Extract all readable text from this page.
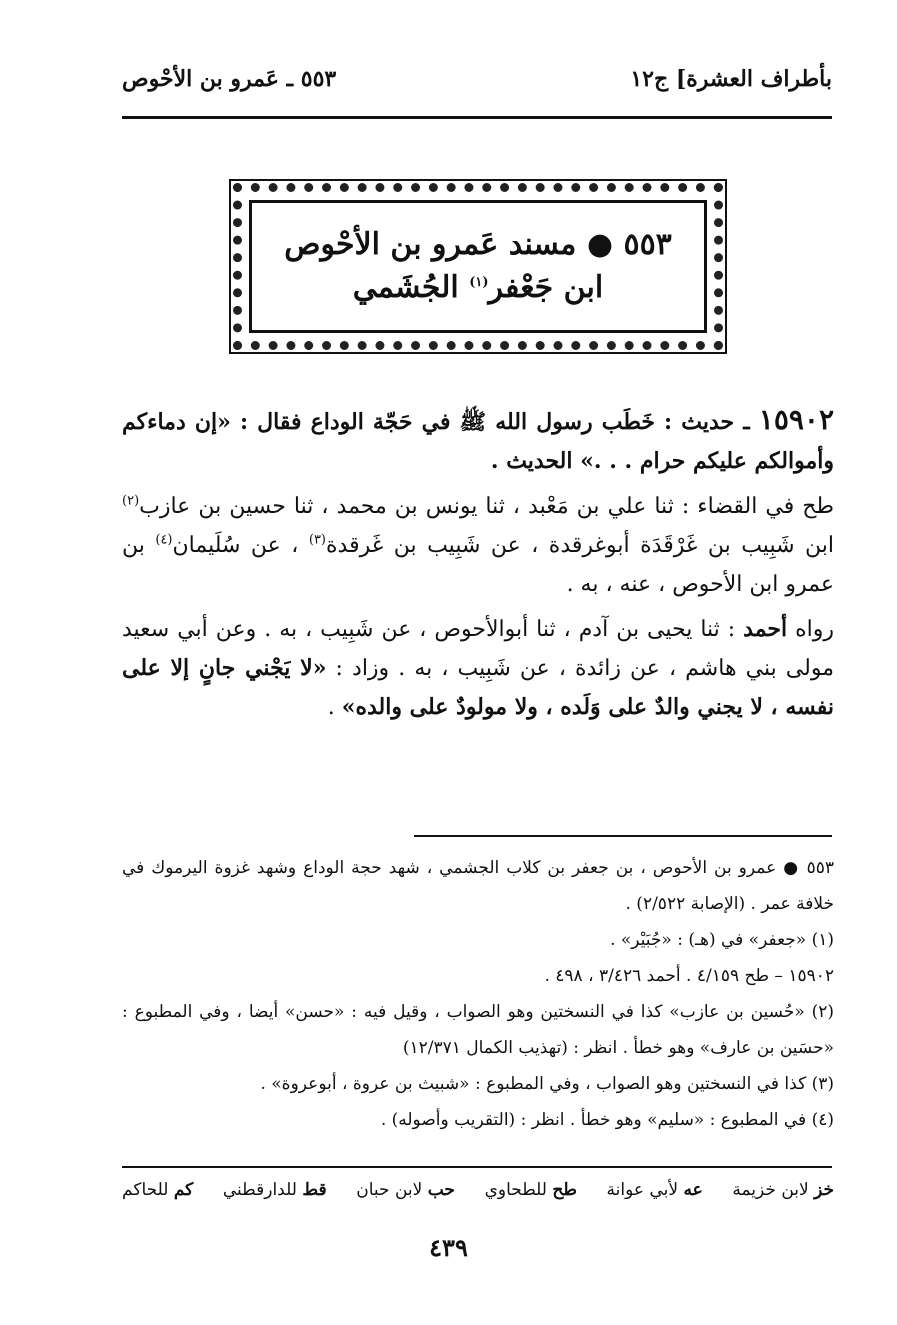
بأطراف العشرة] ج١٢
٥٥٣ ـ عَمرو بن الأحْوص
٥٥٣ ● مسند عَمرو بن الأحْوص
ابن جَعْفر$^{(١)}$ الجُشَمي

١٥٩٠٢ ـ حديث : خَطَب رسول الله ﷺ في حَجّة الوداع فقال : «إن دماءكم وأموالكم عليكم حرام . . .» الحديث .

طح في القضاء : ثنا علي بن مَعْبد ، ثنا يونس بن محمد ، ثنا حسين بن عازب$^{(٢)}$ ابن شَبِيب بن غَرْقَدَة أبوغرقدة ، عن شَبِيب بن غَرقدة$^{(٣)}$ ، عن سُلَيمان$^{(٤)}$ بن عمرو ابن الأحوص ، عنه ، به .

رواه أحمد : ثنا يحيى بن آدم ، ثنا أبوالأحوص ، عن شَبِيب ، به . وعن أبي سعيد مولى بني هاشم ، عن زائدة ، عن شَبِيب ، به . وزاد : «لا يَجْني جانٍ إلا على نفسه ، لا يجني والدٌ على وَلَده ، ولا مولودٌ على والده» .

٥٥٣ ● عمرو بن الأحوص ، بن جعفر بن كلاب الجشمي ، شهد حجة الوداع وشهد غزوة اليرموك في خلافة عمر . (الإصابة ٢/٥٢٢) .

(١) «جعفر» في (هـ) : «جُبَيْر» .

١٥٩٠٢ – طح ٤/١٥٩ . أحمد ٣/٤٢٦ ، ٤٩٨ .

(٢) «حُسين بن عازب» كذا في النسختين وهو الصواب ، وقيل فيه : «حسن» أيضا ، وفي المطبوع : «حسَين بن عارف» وهو خطأ . انظر : (تهذيب الكمال ١٢/٣٧١)

(٣) كذا في النسختين وهو الصواب ، وفي المطبوع : «شبيث بن عروة ، أبوعروة» .

(٤) في المطبوع : «سليم» وهو خطأ . انظر : (التقريب وأصوله) .

خز لابن خزيمة
عه لأبي عوانة
طح للطحاوي
حب لابن حبان
قط للدارقطني
كم للحاكم
٤٣٩
